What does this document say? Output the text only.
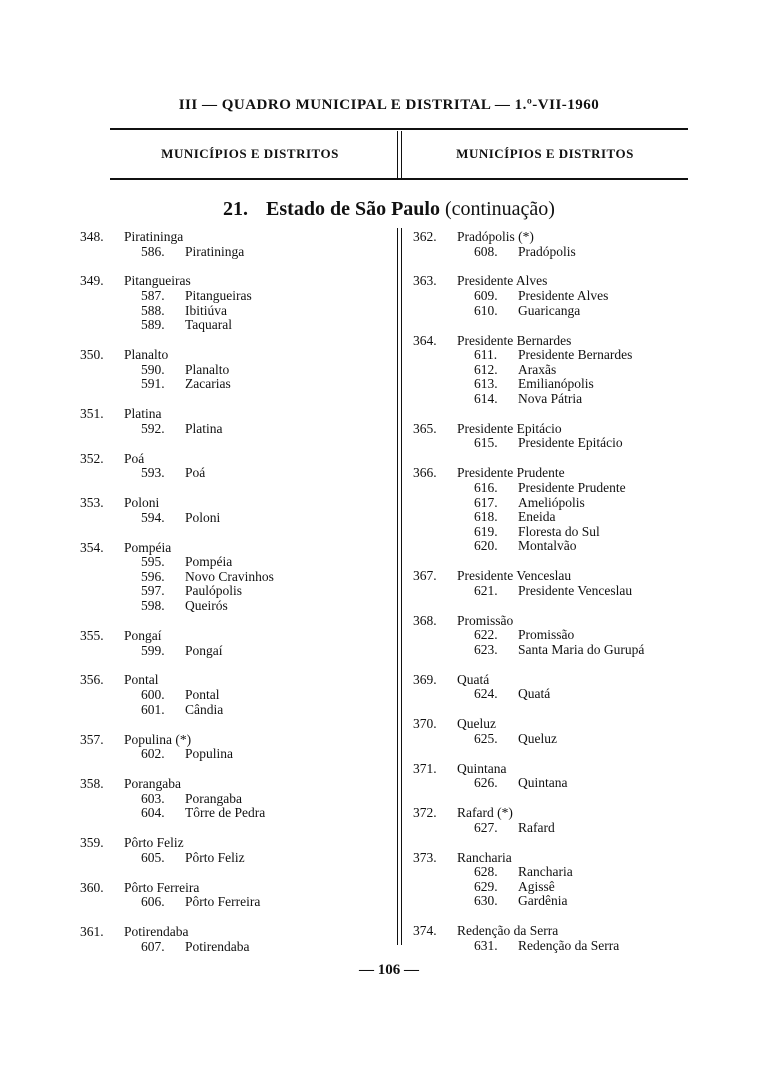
III — QUADRO MUNICIPAL E DISTRITAL — 1.º-VII-1960
MUNICÍPIOS E DISTRITOS	MUNICÍPIOS E DISTRITOS
21. Estado de São Paulo (continuação)
348. Piratininga
586. Piratininga
349. Pitangueiras
587. Pitangueiras
588. Ibitiúva
589. Taquaral
350. Planalto
590. Planalto
591. Zacarias
351. Platina
592. Platina
352. Poá
593. Poá
353. Poloni
594. Poloni
354. Pompéia
595. Pompéia
596. Novo Cravinhos
597. Paulópolis
598. Queirós
355. Pongaí
599. Pongaí
356. Pontal
600. Pontal
601. Cândia
357. Populina (*)
602. Populina
358. Porangaba
603. Porangaba
604. Tôrre de Pedra
359. Pôrto Feliz
605. Pôrto Feliz
360. Pôrto Ferreira
606. Pôrto Ferreira
361. Potirendaba
607. Potirendaba
362. Pradópolis (*)
608. Pradópolis
363. Presidente Alves
609. Presidente Alves
610. Guaricanga
364. Presidente Bernardes
611. Presidente Bernardes
612. Araxãs
613. Emilianópolis
614. Nova Pátria
365. Presidente Epitácio
615. Presidente Epitácio
366. Presidente Prudente
616. Presidente Prudente
617. Ameliópolis
618. Eneida
619. Floresta do Sul
620. Montalvão
367. Presidente Venceslau
621. Presidente Venceslau
368. Promissão
622. Promissão
623. Santa Maria do Gurupá
369. Quatá
624. Quatá
370. Queluz
625. Queluz
371. Quintana
626. Quintana
372. Rafard (*)
627. Rafard
373. Rancharia
628. Rancharia
629. Agissê
630. Gardênia
374. Redenção da Serra
631. Redenção da Serra
— 106 —
